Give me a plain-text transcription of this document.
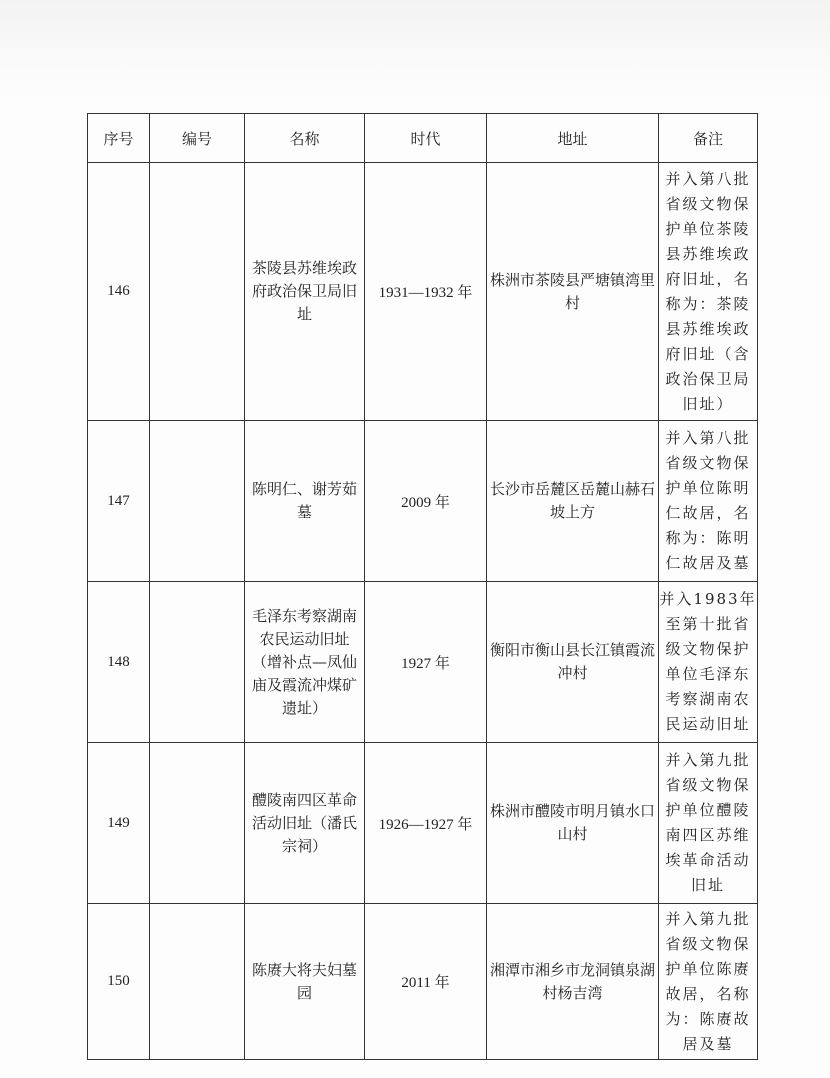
序号	编号	名称	时代	地址	备注
146		茶陵县苏维埃政府政治保卫局旧址	1931—1932 年	株洲市茶陵县严塘镇湾里村	并入第八批省级文物保护单位茶陵县苏维埃政府旧址，名称为：茶陵县苏维埃政府旧址（含政治保卫局旧址）
147		陈明仁、谢芳茹墓	2009 年	长沙市岳麓区岳麓山赫石坡上方	并入第八批省级文物保护单位陈明仁故居，名称为：陈明仁故居及墓
148		毛泽东考察湖南农民运动旧址（增补点—凤仙庙及霞流冲煤矿遗址）	1927 年	衡阳市衡山县长江镇霞流冲村	并入1983年至第十批省级文物保护单位毛泽东考察湖南农民运动旧址
149		醴陵南四区革命活动旧址（潘氏宗祠）	1926—1927 年	株洲市醴陵市明月镇水口山村	并入第九批省级文物保护单位醴陵南四区苏维埃革命活动旧址
150		陈赓大将夫妇墓园	2011 年	湘潭市湘乡市龙洞镇泉湖村杨吉湾	并入第九批省级文物保护单位陈赓故居，名称为：陈赓故居及墓
